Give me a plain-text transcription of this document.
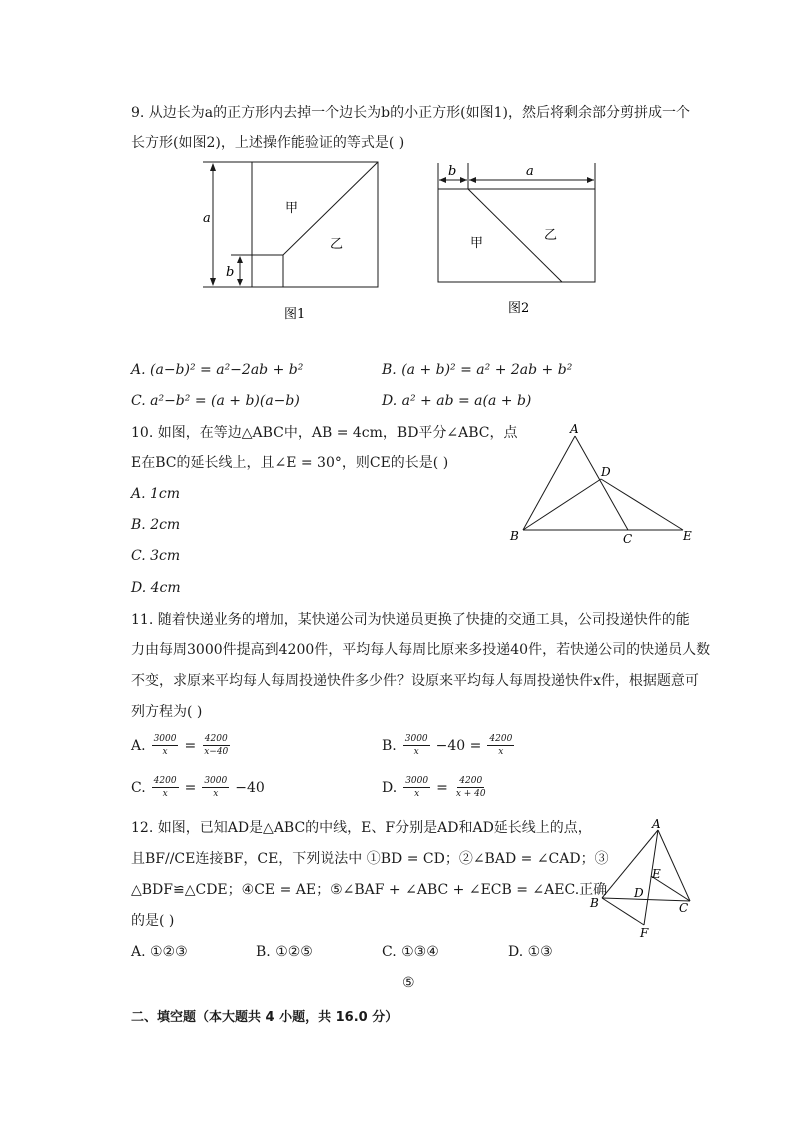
9. 从边长为a的正方形内去掉一个边长为b的小正方形(如图1)，然后将剩余部分剪拼成一个
长方形(如图2)，上述操作能验证的等式是( )
a
b
甲
乙
图1
b	a
甲
乙
图2
A. (a−b)² = a²−2ab + b²	B. (a + b)² = a² + 2ab + b²
C. a²−b² = (a + b)(a−b)	D. a² + ab = a(a + b)
10. 如图，在等边△ABC中，AB = 4cm，BD平分∠ABC，点
E在BC的延长线上，且∠E = 30°，则CE的长是( )
A. 1cm
B. 2cm
C. 3cm
D. 4cm
A
B	C
D
E
11. 随着快递业务的增加，某快递公司为快递员更换了快捷的交通工具，公司投递快件的能
力由每周3000件提高到4200件，平均每人每周比原来多投递40件，若快递公司的快递员人数
不变，求原来平均每人每周投递快件多少件？设原来平均每人每周投递快件x件，根据题意可
列方程为( )
A. $\frac{3000}{x} = \frac{4200}{x-40}$	B. $\frac{3000}{x} -40 = \frac{4200}{x}$
C. $\frac{4200}{x} = \frac{3000}{x} -40$	D. $\frac{3000}{x} = \frac{4200}{x + 40}$
12. 如图，已知AD是△ABC的中线，E、F分别是AD和AD延长线上的点，
且BF//CE连接BF，CE，下列说法中 ①BD = CD；②∠BAD = ∠CAD；③
△BDF≌△CDE；④CE = AE；⑤∠BAF + ∠ABC + ∠ECB = ∠AEC.正确
的是( )
A
B	C
D
E
F
A. ①②③	B. ①②⑤	C. ①③④	D. ①③
⑤
二、填空题（本大题共 4 小题，共 16.0 分）
